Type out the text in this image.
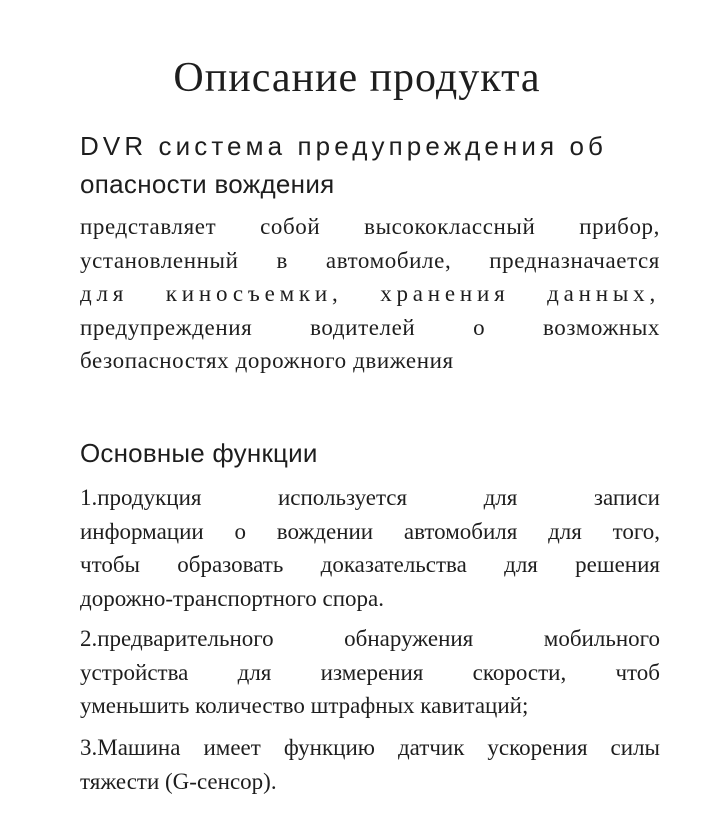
Описание продукта
DVR система предупреждения об
опасности вождения

представляет собой высококлассный прибор,
установленный в автомобиле, предназначается
для киносъемки, хранения данных,
предупреждения водителей о возможных
безопасностях дорожного движения

Основные функции

1.продукция используется для записи
информации о вождении автомобиля для того,
чтобы образовать доказательства для решения
дорожно-транспортного спора.

2.предварительного обнаружения мобильного
устройства для измерения скорости, чтоб
уменьшить количество штрафных кавитаций;

3.Машина имеет функцию датчик ускорения силы
тяжести (G-сенсор).
